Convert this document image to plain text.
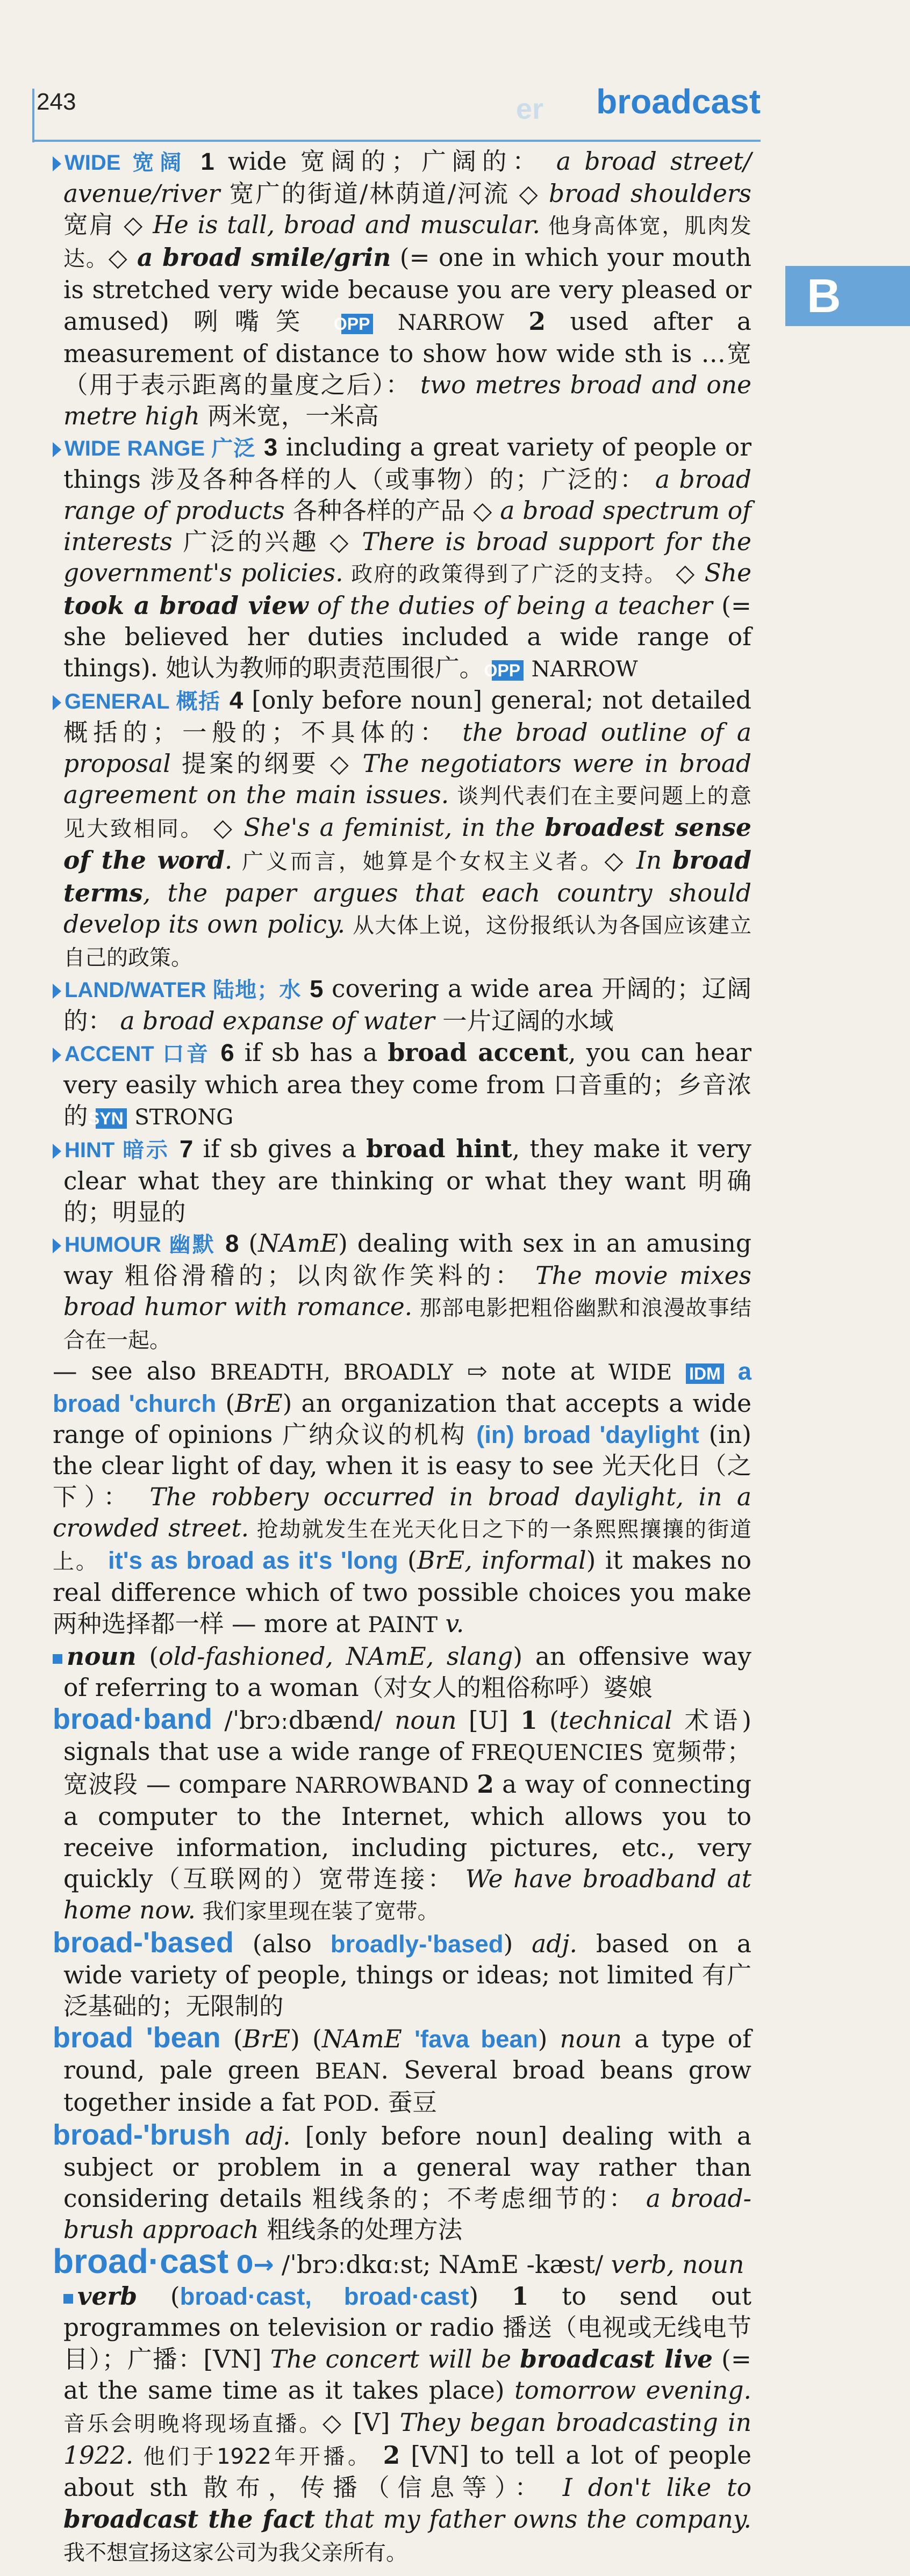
243	er broadcast
B

WIDE 宽阔 1 wide 宽阔的；广阔的： a broad street/ avenue/river 宽广的街道/林荫道/河流 ◇ broad shoulders 宽肩 ◇ He is tall, broad and muscular. 他身高体宽，肌肉发达。◇ a broad smile/grin (= one in which your mouth is stretched very wide because you are very pleased or amused) 咧嘴笑 OPP NARROW 2 used after a measurement of distance to show how wide sth is …宽（用于表示距离的量度之后）： two metres broad and one metre high 两米宽，一米高

WIDE RANGE 广泛 3 including a great variety of people or things 涉及各种各样的人（或事物）的；广泛的： a broad range of products 各种各样的产品 ◇ a broad spectrum of interests 广泛的兴趣 ◇ There is broad support for the government's policies. 政府的政策得到了广泛的支持。 ◇ She took a broad view of the duties of being a teacher (= she believed her duties included a wide range of things). 她认为教师的职责范围很广。 OPP NARROW

GENERAL 概括 4 [only before noun] general; not detailed 概括的；一般的；不具体的： the broad outline of a proposal 提案的纲要 ◇ The negotiators were in broad agreement on the main issues. 谈判代表们在主要问题上的意见大致相同。 ◇ She's a feminist, in the broadest sense of the word. 广义而言，她算是个女权主义者。◇ In broad terms, the paper argues that each country should develop its own policy. 从大体上说，这份报纸认为各国应该建立自己的政策。

LAND/WATER 陆地；水 5 covering a wide area 开阔的；辽阔的： a broad expanse of water 一片辽阔的水域

ACCENT 口音 6 if sb has a broad accent, you can hear very easily which area they come from 口音重的；乡音浓的 SYN STRONG

HINT 暗示 7 if sb gives a broad hint, they make it very clear what they are thinking or what they want 明确的；明显的

HUMOUR 幽默 8 (NAmE) dealing with sex in an amusing way 粗俗滑稽的；以肉欲作笑料的： The movie mixes broad humor with romance. 那部电影把粗俗幽默和浪漫故事结合在一起。

— see also BREADTH, BROADLY ⇨ note at WIDE IDM a broad 'church (BrE) an organization that accepts a wide range of opinions 广纳众议的机构 (in) broad 'daylight (in) the clear light of day, when it is easy to see 光天化日（之下）： The robbery occurred in broad daylight, in a crowded street. 抢劫就发生在光天化日之下的一条熙熙攘攘的街道上。 it's as broad as it's 'long (BrE, informal) it makes no real difference which of two possible choices you make 两种选择都一样 — more at PAINT v.

noun (old-fashioned, NAmE, slang) an offensive way of referring to a woman（对女人的粗俗称呼）婆娘

broad·band /ˈbrɔːdbænd/ noun [U] 1 (technical 术语) signals that use a wide range of FREQUENCIES 宽频带；宽波段 — compare NARROWBAND 2 a way of connecting a computer to the Internet, which allows you to receive information, including pictures, etc., very quickly（互联网的）宽带连接： We have broadband at home now. 我们家里现在装了宽带。

broad-'based (also broadly-'based) adj. based on a wide variety of people, things or ideas; not limited 有广泛基础的；无限制的

broad 'bean (BrE) (NAmE 'fava bean) noun a type of round, pale green BEAN. Several broad beans grow together inside a fat POD. 蚕豆

broad-'brush adj. [only before noun] dealing with a subject or problem in a general way rather than considering details 粗线条的；不考虑细节的： a broad-brush approach 粗线条的处理方法

broad·cast 0→ /ˈbrɔːdkɑːst; NAmE -kæst/ verb, noun
verb (broad·cast, broad·cast) 1 to send out programmes on television or radio 播送（电视或无线电节目）；广播：[VN] The concert will be broadcast live (= at the same time as it takes place) tomorrow evening. 音乐会明晚将现场直播。◇ [V] They began broadcasting in 1922. 他们于1922年开播。 2 [VN] to tell a lot of people about sth 散布，传播（信息等）： I don't like to broadcast the fact that my father owns the company. 我不想宣扬这家公司为我父亲所有。
